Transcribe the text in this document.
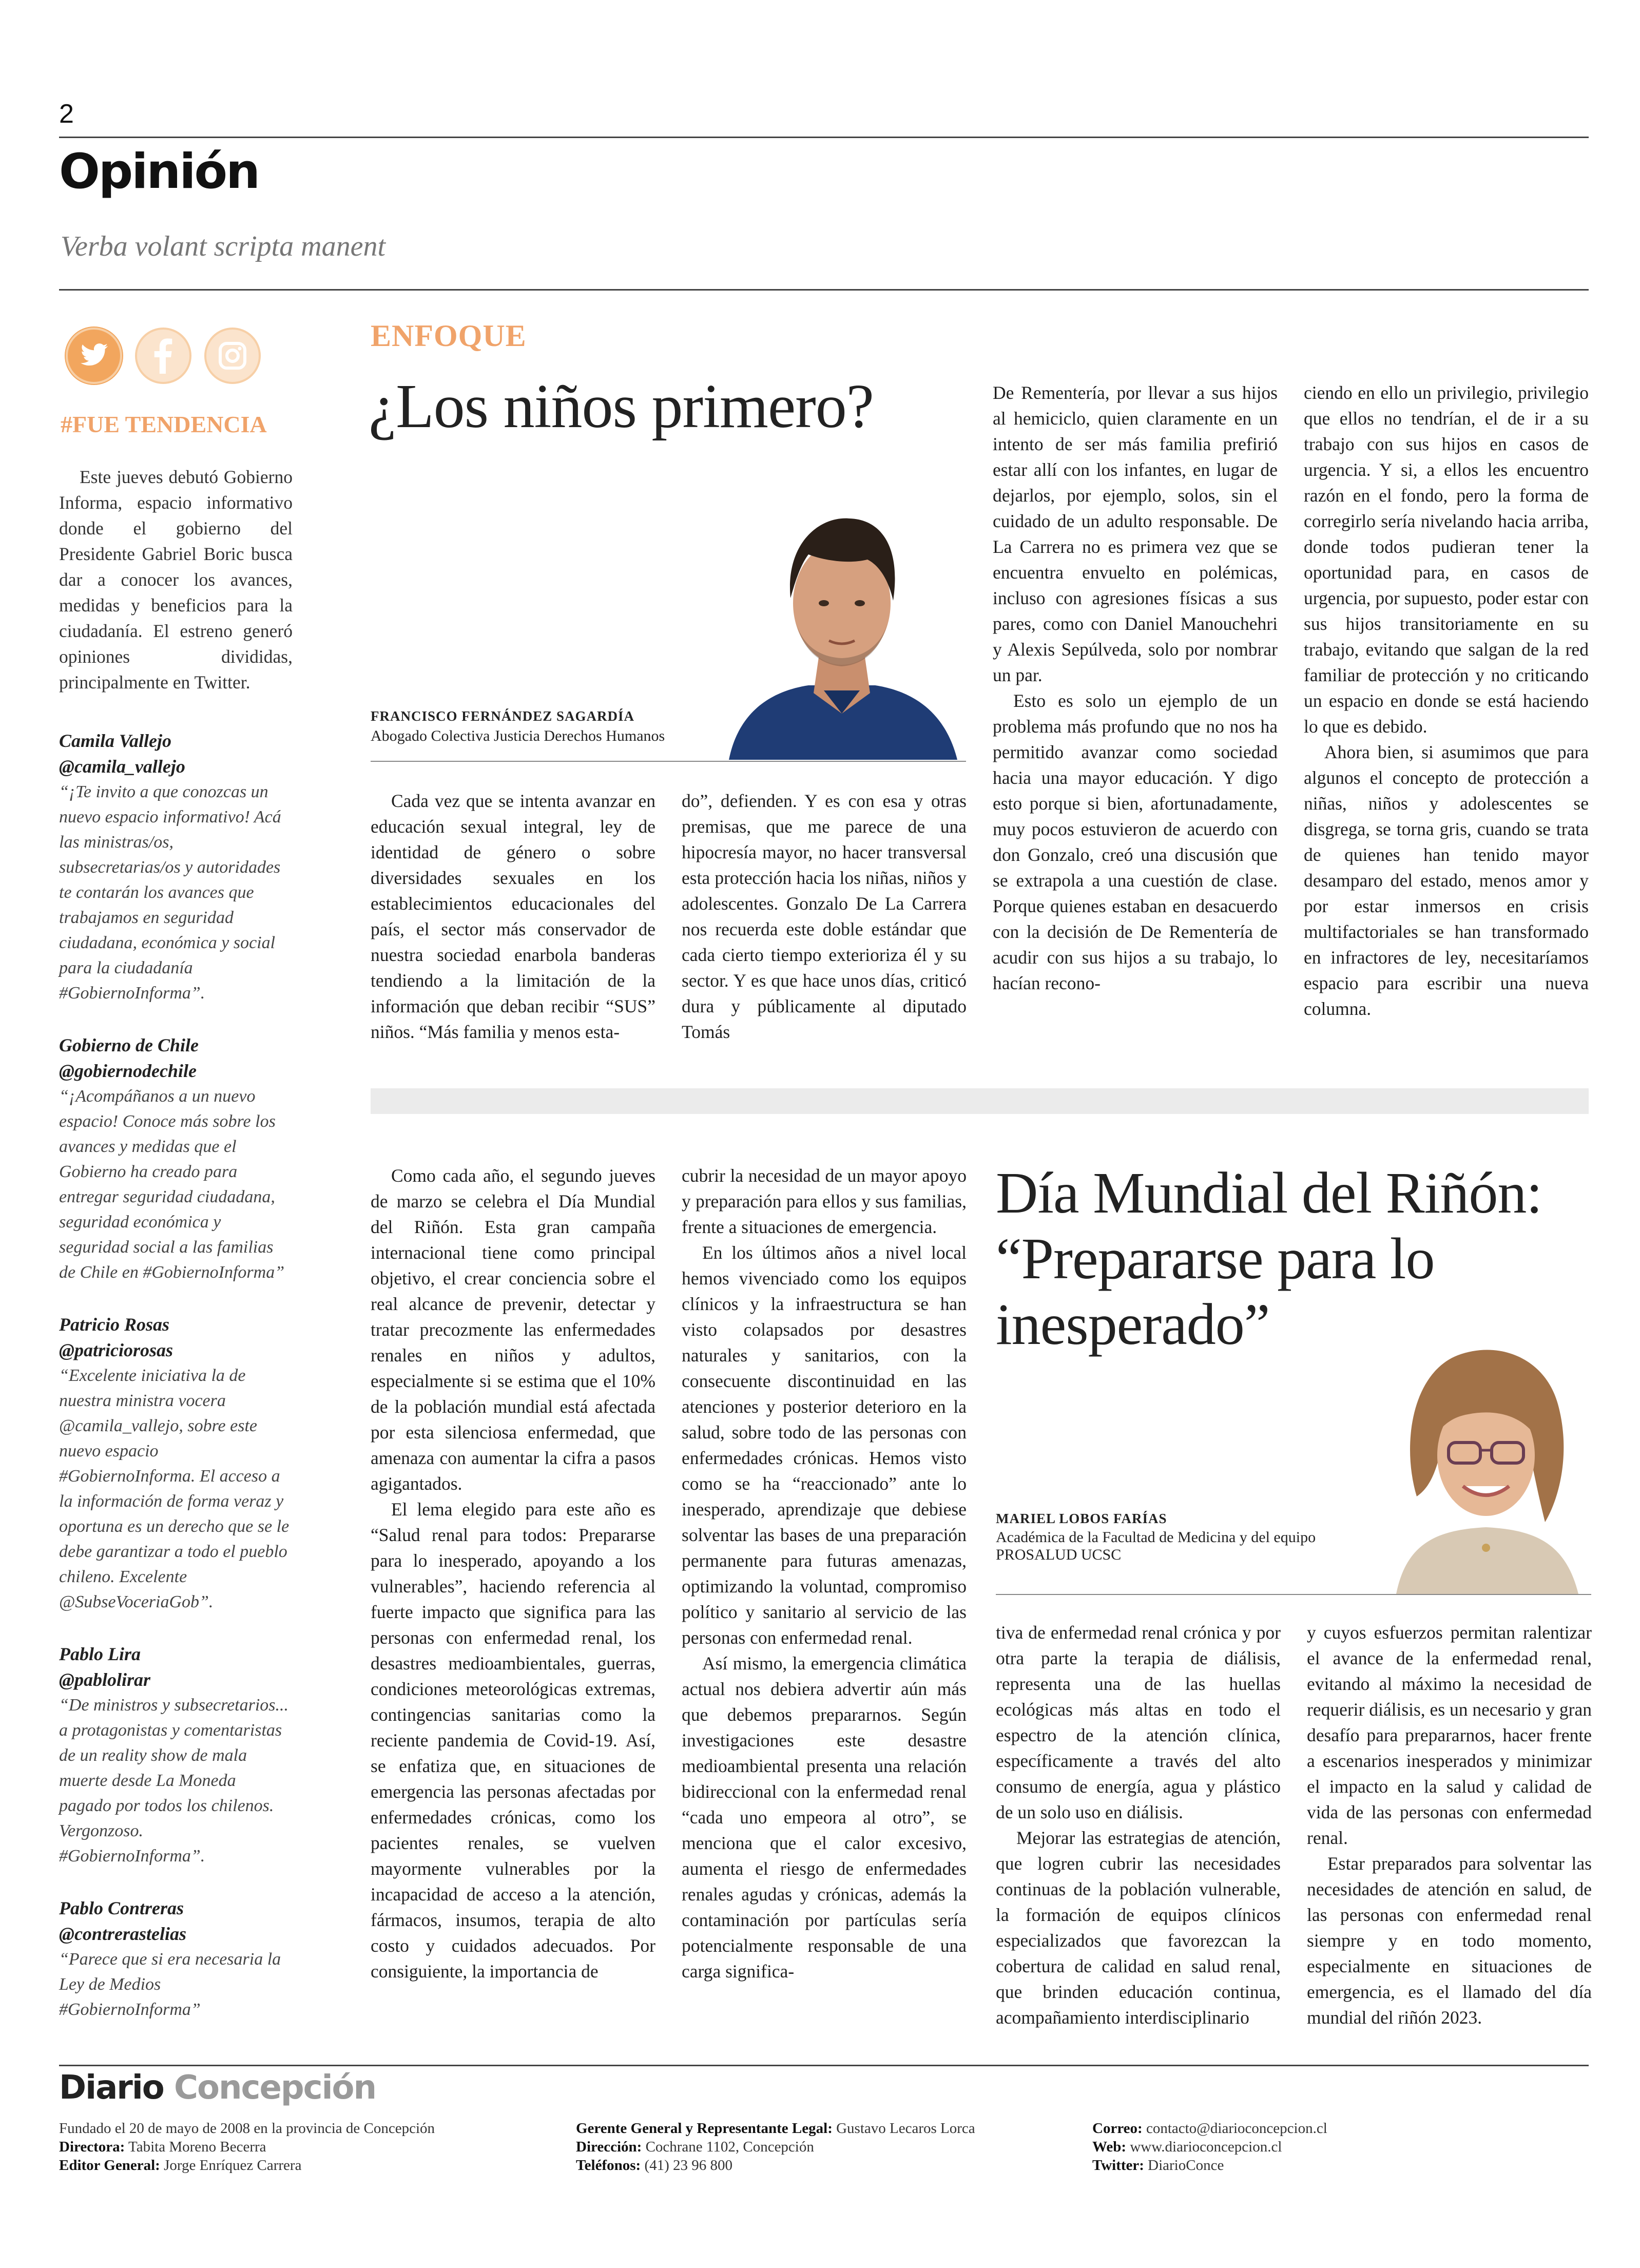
2
Opinión
Verba volant scripta manent
#FUE TENDENCIA

Este jueves debutó Gobierno Informa, espacio informativo donde el gobierno del Presidente Gabriel Boric busca dar a conocer los avances, medidas y beneficios para la ciudadanía. El estreno generó opiniones divididas, principalmente en Twitter.

Camila Vallejo
@camila_vallejo
“¡Te invito a que conozcas un nuevo espacio informativo! Acá las ministras/os, subsecretarias/os y autoridades te contarán los avances que trabajamos en seguridad ciudadana, económica y social para la ciudadanía #GobiernoInforma”.
Gobierno de Chile
@gobiernodechile
“¡Acompáñanos a un nuevo espacio! Conoce más sobre los avances y medidas que el Gobierno ha creado para entregar seguridad ciudadana, seguridad económica y seguridad social a las familias de Chile en #GobiernoInforma”
Patricio Rosas
@patriciorosas
“Excelente iniciativa la de nuestra ministra vocera @camila_vallejo, sobre este nuevo espacio #GobiernoInforma. El acceso a la información de forma veraz y oportuna es un derecho que se le debe garantizar a todo el pueblo chileno. Excelente @SubseVoceriaGob”.
Pablo Lira
@pablolirar
“De ministros y subsecretarios... a protagonistas y comentaristas de un reality show de mala muerte desde La Moneda pagado por todos los chilenos. Vergonzoso. #GobiernoInforma”.
Pablo Contreras
@contrerastelias
“Parece que si era necesaria la Ley de Medios #GobiernoInforma”
ENFOQUE
¿Los niños primero?
FRANCISCO FERNÁNDEZ SAGARDÍA
Abogado Colectiva Justicia Derechos Humanos

Cada vez que se intenta avanzar en educación sexual integral, ley de identidad de género o sobre diversidades sexuales en los establecimientos educacionales del país, el sector más conservador de nuestra sociedad enarbola banderas tendiendo a la limitación de la información que deban recibir “SUS” niños. “Más familia y menos esta-

do”, defienden. Y es con esa y otras premisas, que me parece de una hipocresía mayor, no hacer transversal esta protección hacia los niñas, niños y adolescentes. Gonzalo De La Carrera nos recuerda este doble estándar que cada cierto tiempo exterioriza él y su sector. Y es que hace unos días, criticó dura y públicamente al diputado Tomás

De Rementería, por llevar a sus hijos al hemiciclo, quien claramente en un intento de ser más familia prefirió estar allí con los infantes, en lugar de dejarlos, por ejemplo, solos, sin el cuidado de un adulto responsable. De La Carrera no es primera vez que se encuentra envuelto en polémicas, incluso con agresiones físicas a sus pares, como con Daniel Manouchehri y Alexis Sepúlveda, solo por nombrar un par.

Esto es solo un ejemplo de un problema más profundo que no nos ha permitido avanzar como sociedad hacia una mayor educación. Y digo esto porque si bien, afortunadamente, muy pocos estuvieron de acuerdo con don Gonzalo, creó una discusión que se extrapola a una cuestión de clase. Porque quienes estaban en desacuerdo con la decisión de De Rementería de acudir con sus hijos a su trabajo, lo hacían recono-

ciendo en ello un privilegio, privilegio que ellos no tendrían, el de ir a su trabajo con sus hijos en casos de urgencia. Y si, a ellos les encuentro razón en el fondo, pero la forma de corregirlo sería nivelando hacia arriba, donde todos pudieran tener la oportunidad para, en casos de urgencia, por supuesto, poder estar con sus hijos transitoriamente en su trabajo, evitando que salgan de la red familiar de protección y no criticando un espacio en donde se está haciendo lo que es debido.

Ahora bien, si asumimos que para algunos el concepto de protección a niñas, niños y adolescentes se disgrega, se torna gris, cuando se trata de quienes han tenido mayor desamparo del estado, menos amor y por estar inmersos en crisis multifactoriales se han transformado en infractores de ley, necesitaríamos espacio para escribir una nueva columna.

Como cada año, el segundo jueves de marzo se celebra el Día Mundial del Riñón. Esta gran campaña internacional tiene como principal objetivo, el crear conciencia sobre el real alcance de prevenir, detectar y tratar precozmente las enfermedades renales en niños y adultos, especialmente si se estima que el 10% de la población mundial está afectada por esta silenciosa enfermedad, que amenaza con aumentar la cifra a pasos agigantados.

El lema elegido para este año es “Salud renal para todos: Prepararse para lo inesperado, apoyando a los vulnerables”, haciendo referencia al fuerte impacto que significa para las personas con enfermedad renal, los desastres medioambientales, guerras, condiciones meteorológicas extremas, contingencias sanitarias como la reciente pandemia de Covid-19. Así, se enfatiza que, en situaciones de emergencia las personas afectadas por enfermedades crónicas, como los pacientes renales, se vuelven mayormente vulnerables por la incapacidad de acceso a la atención, fármacos, insumos, terapia de alto costo y cuidados adecuados. Por consiguiente, la importancia de

cubrir la necesidad de un mayor apoyo y preparación para ellos y sus familias, frente a situaciones de emergencia.

En los últimos años a nivel local hemos vivenciado como los equipos clínicos y la infraestructura se han visto colapsados por desastres naturales y sanitarios, con la consecuente discontinuidad en las atenciones y posterior deterioro en la salud, sobre todo de las personas con enfermedades crónicas. Hemos visto como se ha “reaccionado” ante lo inesperado, aprendizaje que debiese solventar las bases de una preparación permanente para futuras amenazas, optimizando la voluntad, compromiso político y sanitario al servicio de las personas con enfermedad renal.

Así mismo, la emergencia climática actual nos debiera advertir aún más que debemos prepararnos. Según investigaciones este desastre medioambiental presenta una relación bidireccional con la enfermedad renal “cada uno empeora al otro”, se menciona que el calor excesivo, aumenta el riesgo de enfermedades renales agudas y crónicas, además la contaminación por partículas sería potencialmente responsable de una carga significa-

Día Mundial del Riñón: “Prepararse para lo inesperado”
MARIEL LOBOS FARÍAS
Académica de la Facultad de Medicina y del equipo
PROSALUD UCSC

tiva de enfermedad renal crónica y por otra parte la terapia de diálisis, representa una de las huellas ecológicas más altas en todo el espectro de la atención clínica, específicamente a través del alto consumo de energía, agua y plástico de un solo uso en diálisis.

Mejorar las estrategias de atención, que logren cubrir las necesidades continuas de la población vulnerable, la formación de equipos clínicos especializados que favorezcan la cobertura de calidad en salud renal, que brinden educación continua, acompañamiento interdisciplinario

y cuyos esfuerzos permitan ralentizar el avance de la enfermedad renal, evitando al máximo la necesidad de requerir diálisis, es un necesario y gran desafío para prepararnos, hacer frente a escenarios inesperados y minimizar el impacto en la salud y calidad de vida de las personas con enfermedad renal.

Estar preparados para solventar las necesidades de atención en salud, de las personas con enfermedad renal siempre y en todo momento, especialmente en situaciones de emergencia, es el llamado del día mundial del riñón 2023.

Diario Concepción
Fundado el 20 de mayo de 2008 en la provincia de Concepción
Directora: Tabita Moreno Becerra
Editor General: Jorge Enríquez Carrera
Gerente General y Representante Legal: Gustavo Lecaros Lorca
Dirección: Cochrane 1102, Concepción
Teléfonos: (41) 23 96 800
Correo: contacto@diarioconcepcion.cl
Web: www.diarioconcepcion.cl
Twitter: DiarioConce
